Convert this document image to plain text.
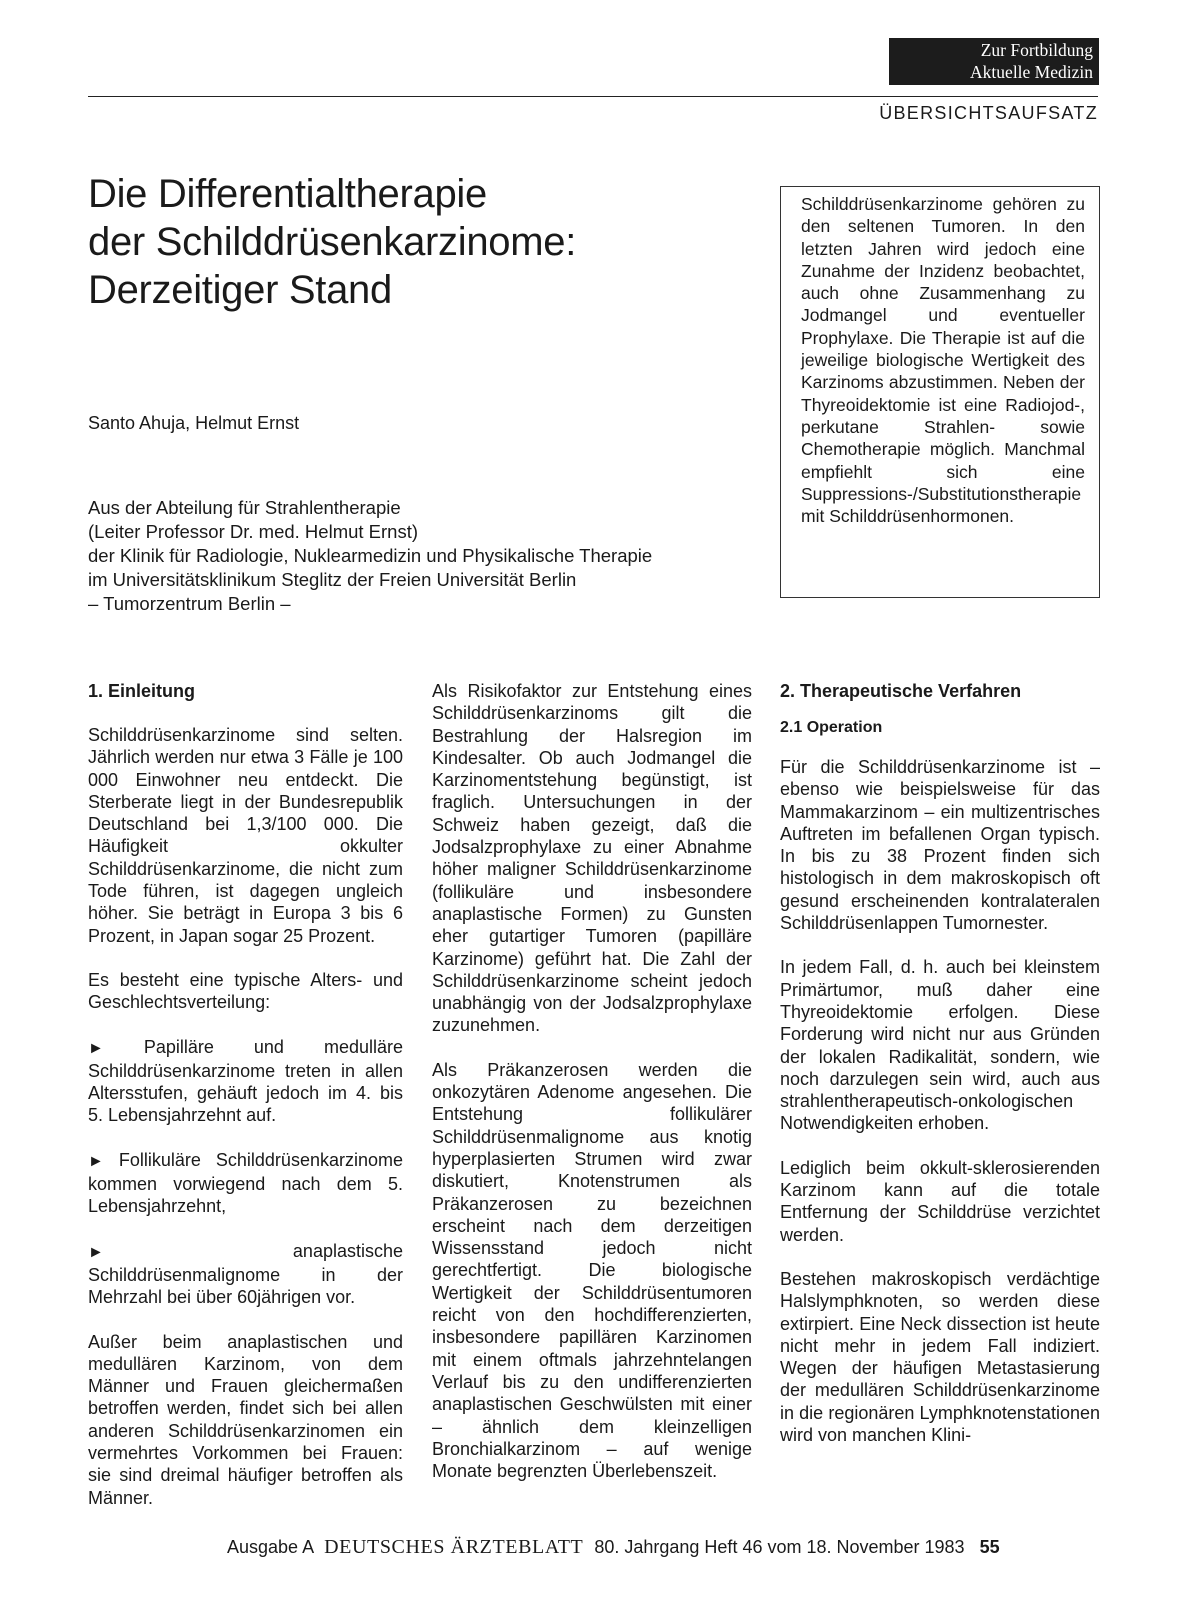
Zur Fortbildung
Aktuelle Medizin
ÜBERSICHTSAUFSATZ
Die Differentialtherapie
der Schilddrüsenkarzinome:
Derzeitiger Stand
Santo Ahuja, Helmut Ernst
Aus der Abteilung für Strahlentherapie
(Leiter Professor Dr. med. Helmut Ernst)
der Klinik für Radiologie, Nuklearmedizin und Physikalische Therapie
im Universitätsklinikum Steglitz der Freien Universität Berlin
– Tumorzentrum Berlin –
Schilddrüsenkarzinome gehören zu den seltenen Tumoren. In den letzten Jahren wird jedoch eine Zunahme der Inzidenz beobachtet, auch ohne Zusammenhang zu Jodmangel und eventueller Prophylaxe. Die Therapie ist auf die jeweilige biologische Wertigkeit des Karzinoms abzustimmen. Neben der Thyreoidektomie ist eine Radiojod-, perkutane Strahlen- sowie Chemotherapie möglich. Manchmal empfiehlt sich eine Suppressions-/Substitutionstherapie mit Schilddrüsenhormonen.
1. Einleitung

Schilddrüsenkarzinome sind selten. Jährlich werden nur etwa 3 Fälle je 100 000 Einwohner neu entdeckt. Die Sterberate liegt in der Bundesrepublik Deutschland bei 1,3/100 000. Die Häufigkeit okkulter Schilddrüsenkarzinome, die nicht zum Tode führen, ist dagegen ungleich höher. Sie beträgt in Europa 3 bis 6 Prozent, in Japan sogar 25 Prozent.

Es besteht eine typische Alters- und Geschlechtsverteilung:

► Papilläre und medulläre Schilddrüsenkarzinome treten in allen Altersstufen, gehäuft jedoch im 4. bis 5. Lebensjahrzehnt auf.

► Follikuläre Schilddrüsenkarzinome kommen vorwiegend nach dem 5. Lebensjahrzehnt,

►	anaplastische Schilddrüsenmalignome in der Mehrzahl bei über 60jährigen vor.

Außer beim anaplastischen und medullären Karzinom, von dem Männer und Frauen gleichermaßen betroffen werden, findet sich bei allen anderen Schilddrüsenkarzinomen ein vermehrtes Vorkommen bei Frauen: sie sind dreimal häufiger betroffen als Männer.

Als Risikofaktor zur Entstehung eines Schilddrüsenkarzinoms gilt die Bestrahlung der Halsregion im Kindesalter. Ob auch Jodmangel die Karzinomentstehung begünstigt, ist fraglich. Untersuchungen in der Schweiz haben gezeigt, daß die Jodsalzprophylaxe zu einer Abnahme höher maligner Schilddrüsenkarzinome (follikuläre und insbesondere anaplastische Formen) zu Gunsten eher gutartiger Tumoren (papilläre Karzinome) geführt hat. Die Zahl der Schilddrüsenkarzinome scheint jedoch unabhängig von der Jodsalzprophylaxe zuzunehmen.

Als Präkanzerosen werden die onkozytären Adenome angesehen. Die Entstehung follikulärer Schilddrüsenmalignome aus knotig hyperplasierten Strumen wird zwar diskutiert, Knotenstrumen als Präkanzerosen zu bezeichnen erscheint nach dem derzeitigen Wissensstand jedoch nicht gerechtfertigt. Die biologische Wertigkeit der Schilddrüsentumoren reicht von den hochdifferenzierten, insbesondere papillären Karzinomen mit einem oftmals jahrzehntelangen Verlauf bis zu den undifferenzierten anaplastischen Geschwülsten mit einer – ähnlich dem kleinzelligen Bronchialkarzinom – auf wenige Monate begrenzten Überlebenszeit.

2. Therapeutische Verfahren
2.1 Operation

Für die Schilddrüsenkarzinome ist – ebenso wie beispielsweise für das Mammakarzinom – ein multizentrisches Auftreten im befallenen Organ typisch. In bis zu 38 Prozent finden sich histologisch in dem makroskopisch oft gesund erscheinenden kontralateralen Schilddrüsenlappen Tumornester.

In jedem Fall, d. h. auch bei kleinstem Primärtumor, muß daher eine Thyreoidektomie erfolgen. Diese Forderung wird nicht nur aus Gründen der lokalen Radikalität, sondern, wie noch darzulegen sein wird, auch aus strahlentherapeutisch-onkologischen Notwendigkeiten erhoben.

Lediglich beim okkult-sklerosierenden Karzinom kann auf die totale Entfernung der Schilddrüse verzichtet werden.

Bestehen makroskopisch verdächtige Halslymphknoten, so werden diese extirpiert. Eine Neck dissection ist heute nicht mehr in jedem Fall indiziert. Wegen der häufigen Metastasierung der medullären Schilddrüsenkarzinome in die regionären Lymphknotenstationen wird von manchen Klini-

Ausgabe A DEUTSCHES ÄRZTEBLATT 80. Jahrgang Heft 46 vom 18. November 1983 55
